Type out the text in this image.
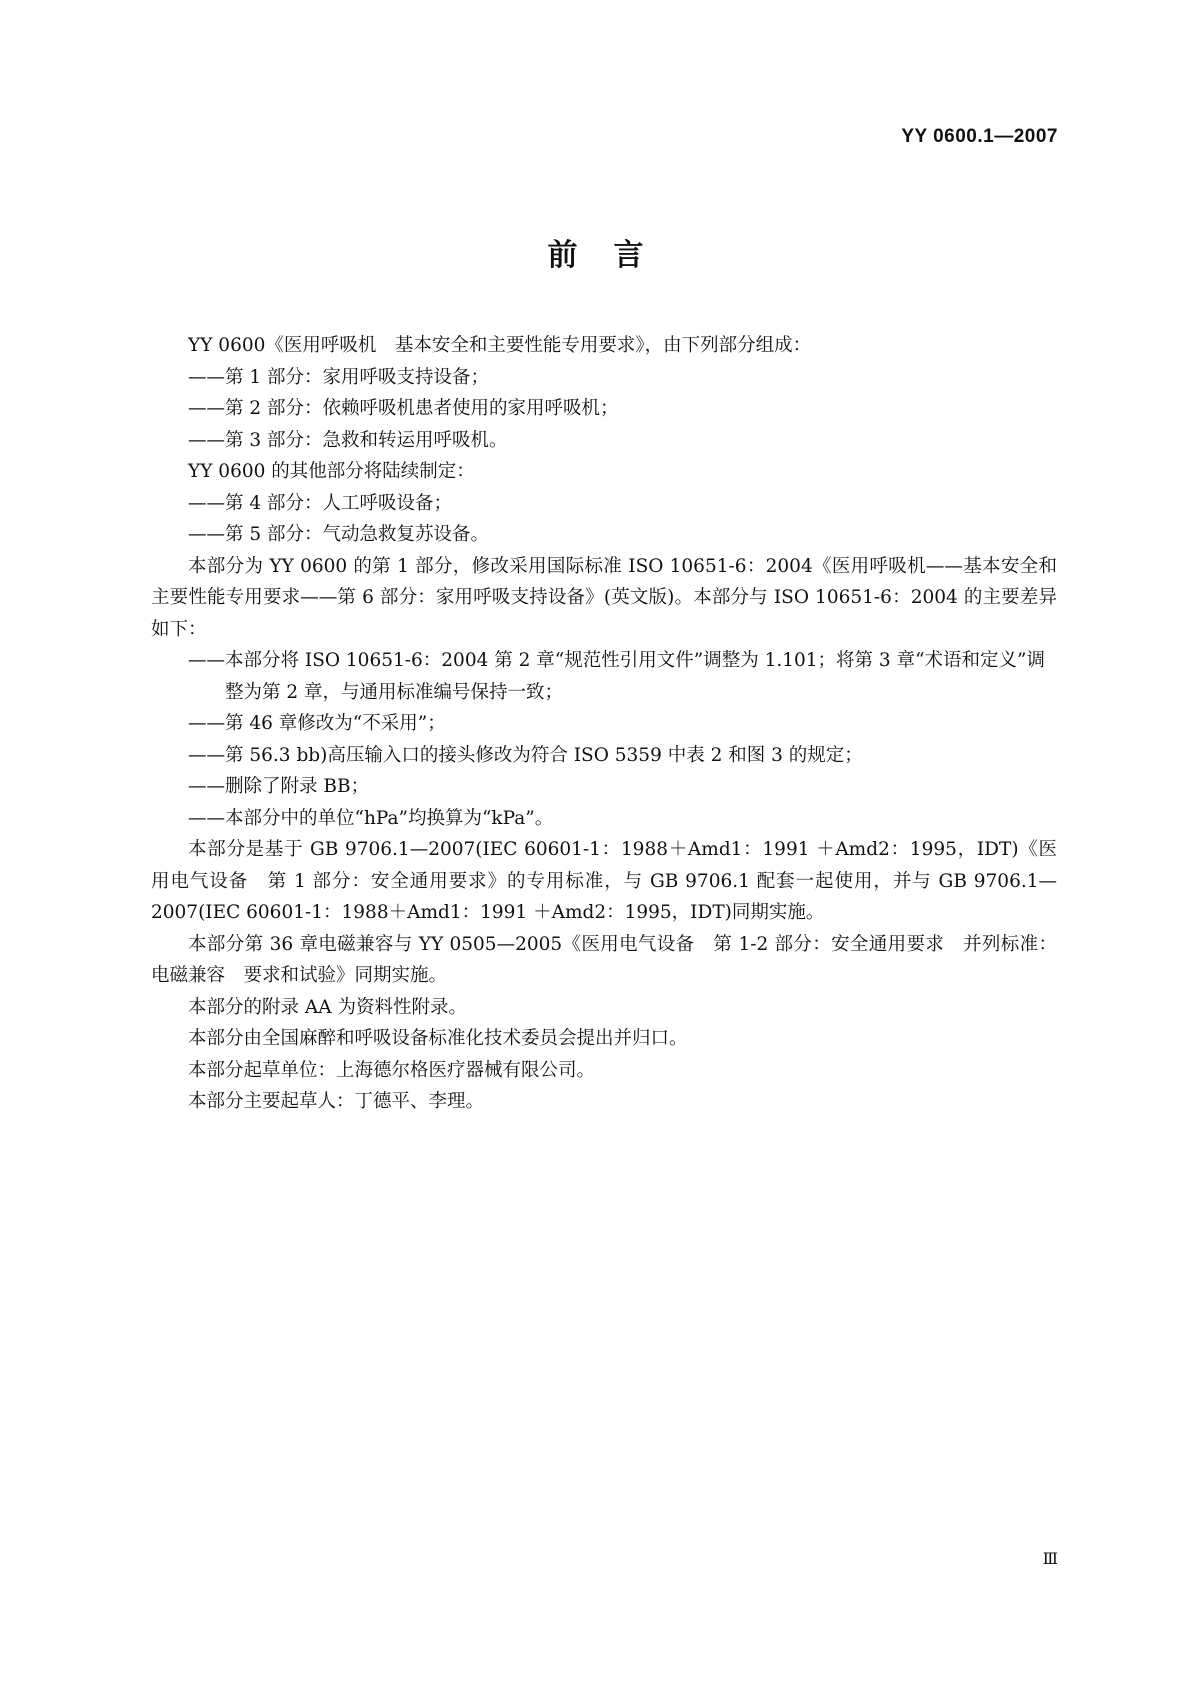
YY 0600.1—2007
前言

YY 0600《医用呼吸机　基本安全和主要性能专用要求》，由下列部分组成：

—— 第 1 部分：家用呼吸支持设备；
—— 第 2 部分：依赖呼吸机患者使用的家用呼吸机；
—— 第 3 部分：急救和转运用呼吸机。

YY 0600 的其他部分将陆续制定：

—— 第 4 部分：人工呼吸设备；
—— 第 5 部分：气动急救复苏设备。

本部分为 YY 0600 的第 1 部分，修改采用国际标准 ISO 10651-6：2004《医用呼吸机——基本安全和主要性能专用要求——第 6 部分：家用呼吸支持设备》(英文版)。本部分与 ISO 10651-6：2004 的主要差异如下：

—— 本部分将 ISO 10651-6：2004 第 2 章“规范性引用文件”调整为 1.101；将第 3 章“术语和定义”调整为第 2 章，与通用标准编号保持一致；
—— 第 46 章修改为“不采用”；
—— 第 56.3 bb)高压输入口的接头修改为符合 ISO 5359 中表 2 和图 3 的规定；
—— 删除了附录 BB；
—— 本部分中的单位“hPa”均换算为“kPa”。

本部分是基于 GB 9706.1—2007(IEC 60601-1：1988＋Amd1：1991 ＋Amd2：1995，IDT)《医用电气设备　第 1 部分：安全通用要求》的专用标准，与 GB 9706.1 配套一起使用，并与 GB 9706.1—2007(IEC 60601-1：1988＋Amd1：1991 ＋Amd2：1995，IDT)同期实施。

本部分第 36 章电磁兼容与 YY 0505—2005《医用电气设备　第 1-2 部分：安全通用要求　并列标准：电磁兼容　要求和试验》同期实施。

本部分的附录 AA 为资料性附录。

本部分由全国麻醉和呼吸设备标准化技术委员会提出并归口。

本部分起草单位：上海德尔格医疗器械有限公司。

本部分主要起草人：丁德平、李理。

Ⅲ
